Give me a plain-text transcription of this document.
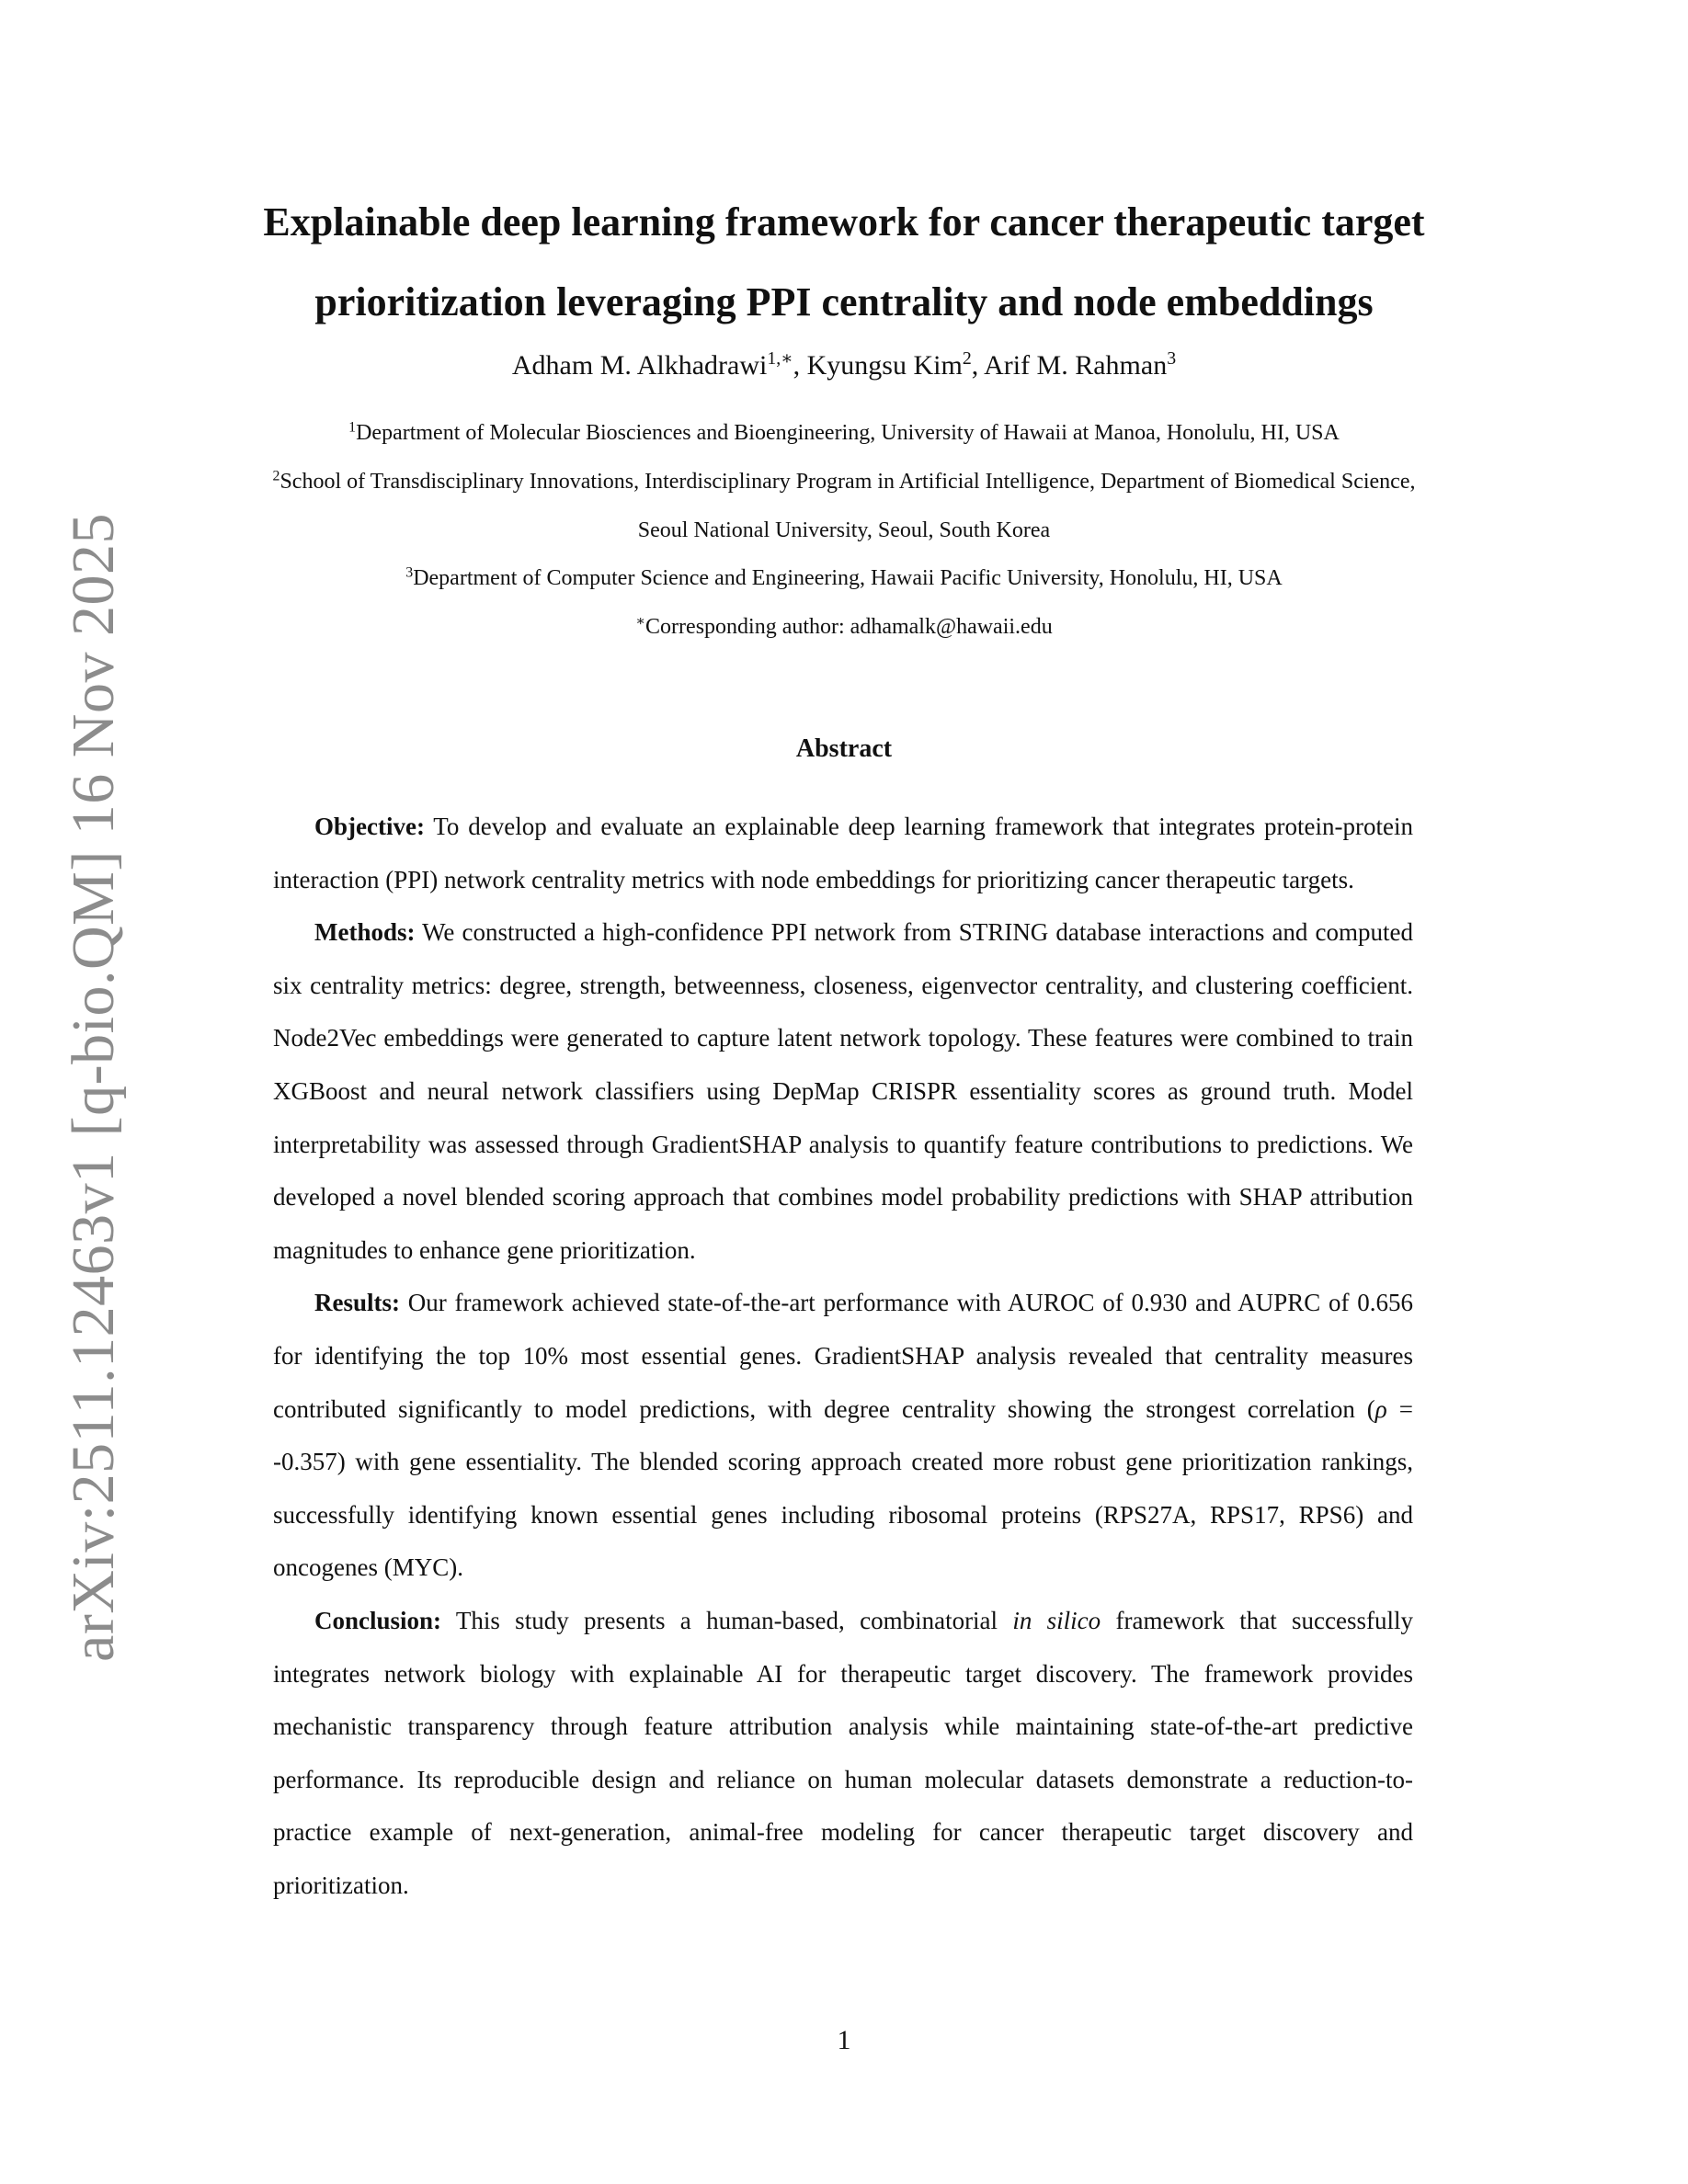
arXiv:2511.12463v1 [q-bio.QM] 16 Nov 2025
Explainable deep learning framework for cancer therapeutic target
prioritization leveraging PPI centrality and node embeddings
Adham M. Alkhadrawi$^{1,∗}$, Kyungsu Kim$^2$, Arif M. Rahman$^3$
$^1$Department of Molecular Biosciences and Bioengineering, University of Hawaii at Manoa, Honolulu, HI, USA
$^2$School of Transdisciplinary Innovations, Interdisciplinary Program in Artificial Intelligence, Department of Biomedical Science,
Seoul National University, Seoul, South Korea
$^3$Department of Computer Science and Engineering, Hawaii Pacific University, Honolulu, HI, USA
∗Corresponding author: adhamalk@hawaii.edu
Abstract

Objective: To develop and evaluate an explainable deep learning framework that integrates protein-protein interaction (PPI) network centrality metrics with node embeddings for prioritizing cancer therapeutic targets.

Methods: We constructed a high-confidence PPI network from STRING database interactions and computed six centrality metrics: degree, strength, betweenness, closeness, eigenvector centrality, and clustering coefficient. Node2Vec embeddings were generated to capture latent network topology. These features were combined to train XGBoost and neural network classifiers using DepMap CRISPR essentiality scores as ground truth. Model interpretability was assessed through GradientSHAP analysis to quantify feature contributions to predictions. We developed a novel blended scoring approach that combines model probability predictions with SHAP attribution magnitudes to enhance gene prioritization.

Results: Our framework achieved state-of-the-art performance with AUROC of 0.930 and AUPRC of 0.656 for identifying the top 10% most essential genes. GradientSHAP analysis revealed that centrality measures contributed significantly to model predictions, with degree centrality showing the strongest correlation (ρ = -0.357) with gene essentiality. The blended scoring approach created more robust gene prioritization rankings, successfully identifying known essential genes including ribosomal proteins (RPS27A, RPS17, RPS6) and oncogenes (MYC).

Conclusion: This study presents a human-based, combinatorial in silico framework that successfully integrates network biology with explainable AI for therapeutic target discovery. The framework provides mechanistic transparency through feature attribution analysis while maintaining state-of-the-art predictive performance. Its reproducible design and reliance on human molecular datasets demonstrate a reduction-to-practice example of next-generation, animal-free modeling for cancer therapeutic target discovery and prioritization.

1
